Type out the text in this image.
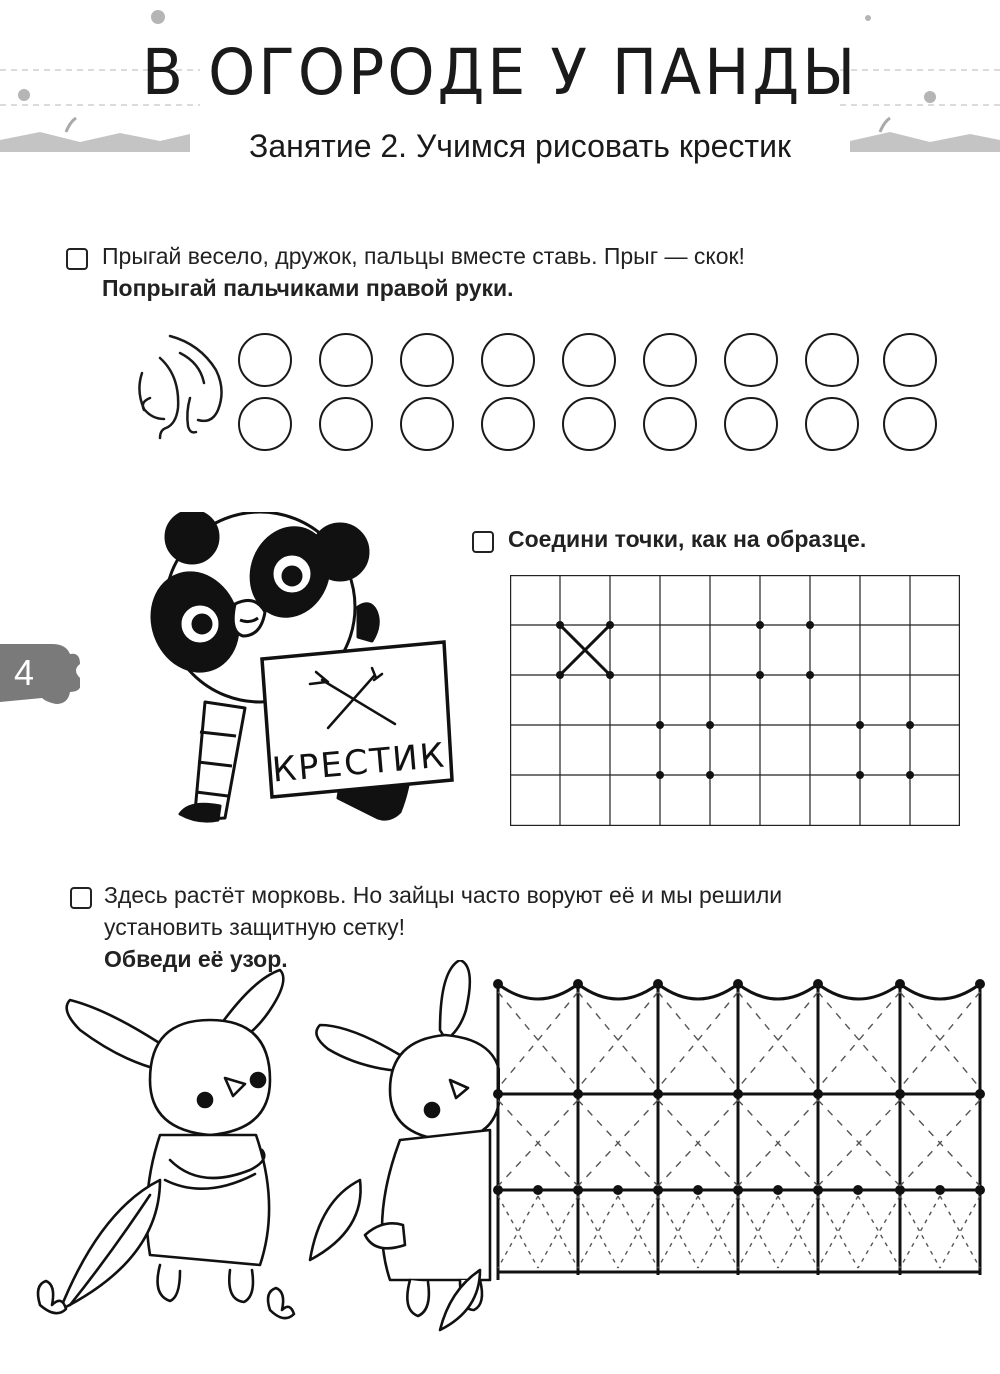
В ОГОРОДЕ У ПАНДЫ
Занятие 2. Учимся рисовать крестик
Прыгай весело, дружок, пальцы вместе ставь. Прыг — скок!
Попрыгай пальчиками правой руки.
4
КРЕСТИК
Соедини точки, как на образце.
Здесь растёт морковь. Но зайцы часто воруют её и мы решили
установить защитную сетку!
Обведи её узор.
